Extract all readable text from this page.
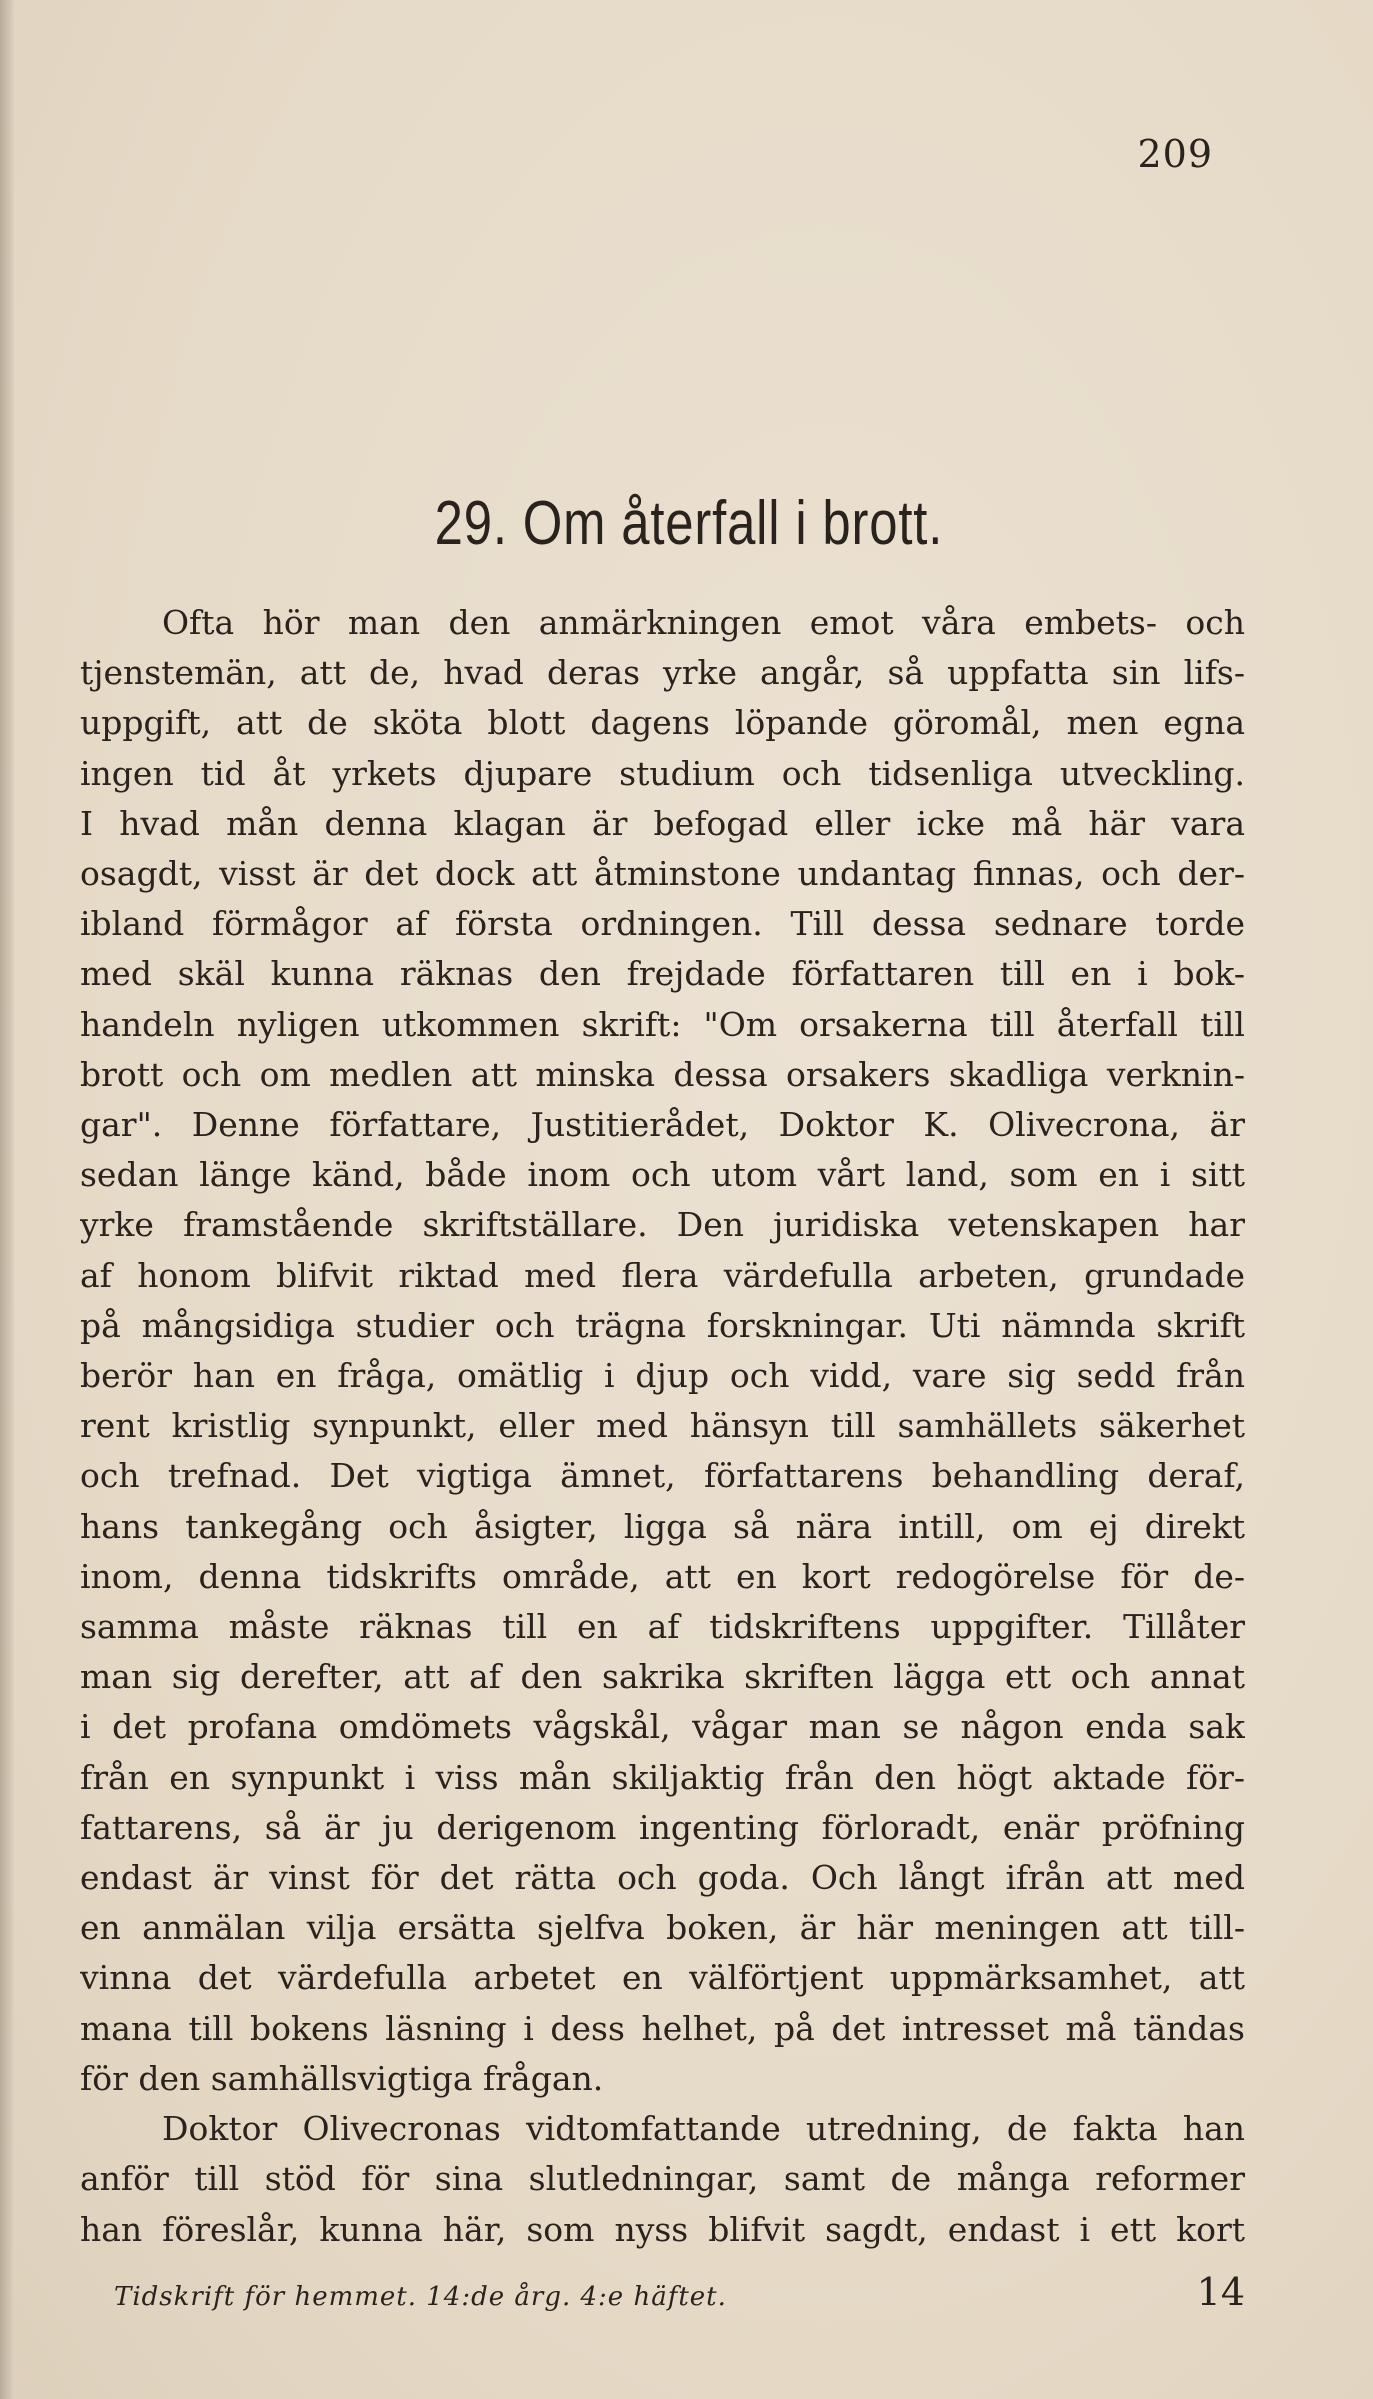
209
29. Om återfall i brott.

Ofta hör man den anmärkningen emot våra embets- och
tjenstemän, att de, hvad deras yrke angår, så uppfatta sin lifs-
uppgift, att de sköta blott dagens löpande göromål, men egna
ingen tid åt yrkets djupare studium och tidsenliga utveckling.
I hvad mån denna klagan är befogad eller icke må här vara
osagdt, visst är det dock att åtminstone undantag finnas, och der-
ibland förmågor af första ordningen. Till dessa sednare torde
med skäl kunna räknas den frejdade författaren till en i bok-
handeln nyligen utkommen skrift: "Om orsakerna till återfall till
brott och om medlen att minska dessa orsakers skadliga verknin-
gar". Denne författare, Justitierådet, Doktor K. Olivecrona, är
sedan länge känd, både inom och utom vårt land, som en i sitt
yrke framstående skriftställare. Den juridiska vetenskapen har
af honom blifvit riktad med flera värdefulla arbeten, grundade
på mångsidiga studier och trägna forskningar. Uti nämnda skrift
berör han en fråga, omätlig i djup och vidd, vare sig sedd från
rent kristlig synpunkt, eller med hänsyn till samhällets säkerhet
och trefnad. Det vigtiga ämnet, författarens behandling deraf,
hans tankegång och åsigter, ligga så nära intill, om ej direkt
inom, denna tidskrifts område, att en kort redogörelse för de-
samma måste räknas till en af tidskriftens uppgifter. Tillåter
man sig derefter, att af den sakrika skriften lägga ett och annat
i det profana omdömets vågskål, vågar man se någon enda sak
från en synpunkt i viss mån skiljaktig från den högt aktade för-
fattarens, så är ju derigenom ingenting förloradt, enär pröfning
endast är vinst för det rätta och goda. Och långt ifrån att med
en anmälan vilja ersätta sjelfva boken, är här meningen att till-
vinna det värdefulla arbetet en välförtjent uppmärksamhet, att
mana till bokens läsning i dess helhet, på det intresset må tändas
för den samhällsvigtiga frågan.

Doktor Olivecronas vidtomfattande utredning, de fakta han
anför till stöd för sina slutledningar, samt de många reformer
han föreslår, kunna här, som nyss blifvit sagdt, endast i ett kort

Tidskrift för hemmet. 14:de årg. 4:e häftet.	14
